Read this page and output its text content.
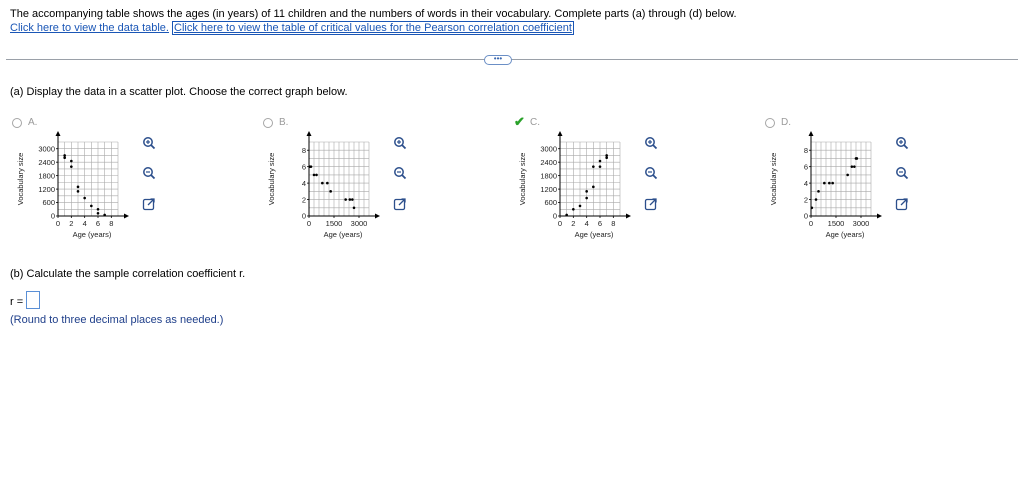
The accompanying table shows the ages (in years) of 11 children and the numbers of words in their vocabulary. Complete parts (a) through (d) below.
Click here to view the data table. Click here to view the table of critical values for the Pearson correlation coefficient
•••
(a) Display the data in a scatter plot. Choose the correct graph below.
A.
0 2 4 6 8
0
600
1200
1800
2400
3000
Age (years)
Vocabulary size
B.
0 1500 3000
0
2
4
6
8
Age (years)
Vocabulary size
✔ C.
0 2 4 6 8
0
600
1200
1800
2400
3000
Age (years)
Vocabulary size
D.
0 1500 3000
0
2
4
6
8
Age (years)
Vocabulary size
(b) Calculate the sample correlation coefficient r.
r =
(Round to three decimal places as needed.)
